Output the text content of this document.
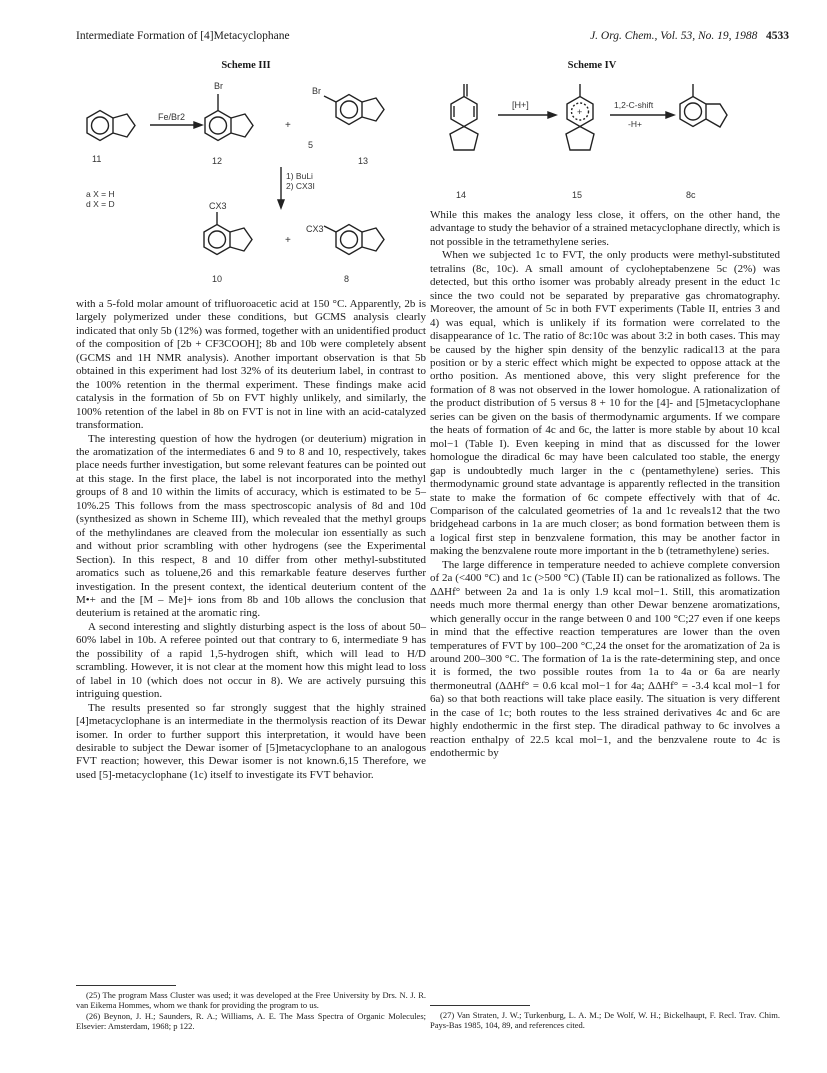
Intermediate Formation of [4]Metacyclophane	J. Org. Chem., Vol. 53, No. 19, 1988 4533
Scheme III
Fe/Br2
Br	Br
+
11	12
5
13
1) BuLi
2) CX3I
a X = H
d X = D	CX3
CX3
+
10	8
Scheme IV
+
[H+]	1,2-C-shift
-H+
14	15	8c

with a 5-fold molar amount of trifluoroacetic acid at 150 °C. Apparently, 2b is largely polymerized under these conditions, but GCMS analysis clearly indicated that only 5b (12%) was formed, together with an unidentified product of the composition of [2b + CF3COOH]; 8b and 10b were completely absent (GCMS and 1H NMR analysis). Another important observation is that 5b obtained in this experiment had lost 32% of its deuterium label, in contrast to the 100% retention in the thermal experiment. These findings make acid catalysis in the formation of 5b on FVT highly unlikely, and similarly, the 100% retention of the label in 8b on FVT is not in line with an acid-catalyzed transformation.

The interesting question of how the hydrogen (or deuterium) migration in the aromatization of the intermediates 6 and 9 to 8 and 10, respectively, takes place needs further investigation, but some relevant features can be pointed out at this stage. In the first place, the label is not incorporated into the methyl groups of 8 and 10 within the limits of accuracy, which is estimated to be 5–10%.25 This follows from the mass spectroscopic analysis of 8d and 10d (synthesized as shown in Scheme III), which revealed that the methyl groups of the methylindanes are cleaved from the molecular ion essentially as such and without prior scrambling with other hydrogens (see the Experimental Section). In this respect, 8 and 10 differ from other methyl-substituted aromatics such as toluene,26 and this remarkable feature deserves further investigation. In the present context, the identical deuterium content of the M•+ and the [M – Me]+ ions from 8b and 10b allows the conclusion that deuterium is retained at the aromatic ring.

A second interesting and slightly disturbing aspect is the loss of about 50–60% label in 10b. A referee pointed out that contrary to 6, intermediate 9 has the possibility of a rapid 1,5-hydrogen shift, which will lead to H/D scrambling. However, it is not clear at the moment how this might lead to loss of label in 10 (which does not occur in 8). We are actively pursuing this intriguing question.

The results presented so far strongly suggest that the highly strained [4]metacyclophane is an intermediate in the thermolysis reaction of its Dewar isomer. In order to further support this interpretation, it would have been desirable to subject the Dewar isomer of [5]metacyclophane to an analogous FVT reaction; however, this Dewar isomer is not known.6,15 Therefore, we used [5]-metacyclophane (1c) itself to investigate its FVT behavior.

While this makes the analogy less close, it offers, on the other hand, the advantage to study the behavior of a strained metacyclophane directly, which is not possible in the tetramethylene series.

When we subjected 1c to FVT, the only products were methyl-substituted tetralins (8c, 10c). A small amount of cycloheptabenzene 5c (2%) was detected, but this ortho isomer was probably already present in the educt 1c since the two could not be separated by preparative gas chromatography. Moreover, the amount of 5c in both FVT experiments (Table II, entries 3 and 4) was equal, which is unlikely if its formation were correlated to the disappearance of 1c. The ratio of 8c:10c was about 3:2 in both cases. This may be caused by the higher spin density of the benzylic radical13 at the para position or by a steric effect which might be expected to oppose attack at the ortho position. As mentioned above, this very slight preference for the formation of 8 was not observed in the lower homologue. A rationalization of the product distribution of 5 versus 8 + 10 for the [4]- and [5]metacyclophane series can be given on the basis of thermodynamic arguments. If we compare the heats of formation of 4c and 6c, the latter is more stable by about 10 kcal mol−1 (Table I). Even keeping in mind that as discussed for the lower homologue the diradical 6c may have been calculated too stable, the energy gap is undoubtedly much larger in the c (pentamethylene) series. This thermodynamic ground state advantage is apparently reflected in the transition state to make the formation of 6c compete effectively with that of 4c. Comparison of the calculated geometries of 1a and 1c reveals12 that the two bridgehead carbons in 1a are much closer; as bond formation between them is a logical first step in benzvalene formation, this may be another factor in making the benzvalene route more important in the b (tetramethylene) series.

The large difference in temperature needed to achieve complete conversion of 2a (<400 °C) and 1c (>500 °C) (Table II) can be rationalized as follows. The ΔΔHf° between 2a and 1a is only 1.9 kcal mol−1. Still, this aromatization needs much more thermal energy than other Dewar benzene aromatizations, which generally occur in the range between 0 and 100 °C;27 even if one keeps in mind that the effective reaction temperatures are lower than the oven temperatures of FVT by 100–200 °C,24 the onset for the aromatization of 2a is around 200–300 °C. The formation of 1a is the rate-determining step, and once it is formed, the two possible routes from 1a to 4a or 6a are nearly thermoneutral (ΔΔHf° = 0.6 kcal mol−1 for 4a; ΔΔHf° = -3.4 kcal mol−1 for 6a) so that both reactions will take place easily. The situation is very different in the case of 1c; both routes to the less strained derivatives 4c and 6c are highly endothermic in the first step. The diradical pathway to 6c involves a reaction enthalpy of 22.5 kcal mol−1, and the benzvalene route to 4c is endothermic by

(25) The program Mass Cluster was used; it was developed at the Free University by Drs. N. J. R. van Eikema Hommes, whom we thank for providing the program to us.

(26) Beynon, J. H.; Saunders, R. A.; Williams, A. E. The Mass Spectra of Organic Molecules; Elsevier: Amsterdam, 1968; p 122.

(27) Van Straten, J. W.; Turkenburg, L. A. M.; De Wolf, W. H.; Bickelhaupt, F. Recl. Trav. Chim. Pays-Bas 1985, 104, 89, and references cited.
